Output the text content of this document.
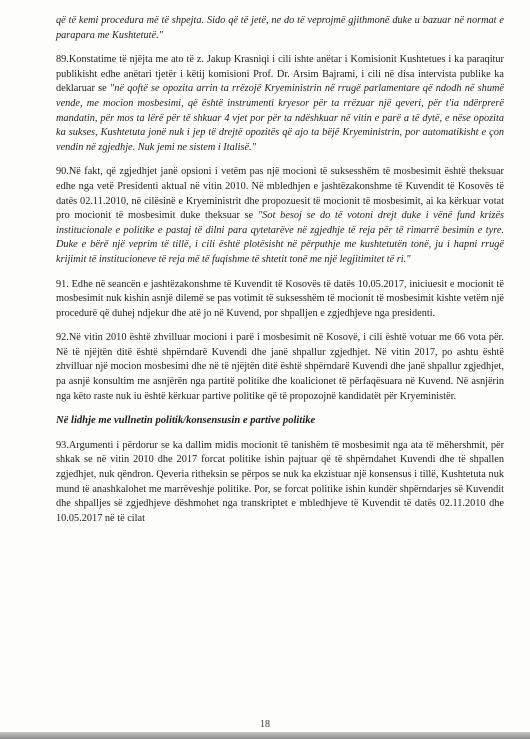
që të kemi procedura më të shpejta. Sido që të jetë, ne do të veprojmë gjithmonë duke u bazuar në normat e parapara me Kushtetutë."

89.Konstatime të njëjta me ato të z. Jakup Krasniqi i cili ishte anëtar i Komisionit Kushtetues i ka paraqitur publikisht edhe anëtari tjetër i këtij komisioni Prof. Dr. Arsim Bajrami, i cili në disa intervista publike ka deklaruar se "në qoftë se opozita arrin ta rrëzojë Kryeministrin në rrugë parlamentare që ndodh në shumë vende, me mocion mosbesimi, që është instrumenti kryesor për ta rrëzuar një qeveri, për t'ia ndërprerë mandatin, për mos ta lërë për të shkuar 4 vjet por për ta ndëshkuar në vitin e parë a të dytë, e nëse opozita ka sukses, Kushtetuta jonë nuk i jep të drejtë opozitës që ajo ta bëjë Kryeministrin, por automatikisht e çon vendin në zgjedhje. Nuk jemi ne sistem i Italisë."

90.Në fakt, që zgjedhjet janë opsioni i vetëm pas një mocioni të suksesshëm të mosbesimit është theksuar edhe nga vetë Presidenti aktual në vitin 2010. Në mbledhjen e jashtëzakonshme të Kuvendit të Kosovës të datës 02.11.2010, në cilësinë e Kryeministrit dhe propozuesit të mocionit të mosbesimit, ai ka kërkuar votat pro mocionit të mosbesimit duke theksuar se "Sot besoj se do të votoni drejt duke i vënë fund krizës institucionale e politike e pastaj të dilni para qytetarëve në zgjedhje të reja për të rimarrë besimin e tyre. Duke e bërë një veprim të tillë, i cili është plotësisht në përputhje me kushtetutën tonë, ju i hapni rrugë krijimit të institucioneve të reja më të fuqishme të shtetit tonë me një legjitimitet të ri."

91. Edhe në seancën e jashtëzakonshme të Kuvendit të Kosovës të datës 10.05.2017, iniciuesit e mocionit të mosbesimit nuk kishin asnjë dilemë se pas votimit të suksesshëm të mocionit të mosbesimit kishte vetëm një procedurë që duhej ndjekur dhe atë jo në Kuvend, por shpalljen e zgjedhjeve nga presidenti.

92.Në vitin 2010 është zhvilluar mocioni i parë i mosbesimit në Kosovë, i cili është votuar me 66 vota për. Në të njëjtën ditë është shpërndarë Kuvendi dhe janë shpallur zgjedhjet. Në vitin 2017, po ashtu është zhvilluar një mocion mosbesimi dhe në të njëjtën ditë është shpërndarë Kuvendi dhe janë shpallur zgjedhjet, pa asnjë konsultim me asnjërën nga partitë politike dhe koalicionet të përfaqësuara në Kuvend. Në asnjërin nga këto raste nuk iu është kërkuar partive politike që të propozojnë kandidatët për Kryeministër.

Në lidhje me vullnetin politik/konsensusin e partive politike

93.Argumenti i përdorur se ka dallim midis mocionit të tanishëm të mosbesimit nga ata të mëhershmit, për shkak se në vitin 2010 dhe 2017 forcat politike ishin pajtuar që të shpërndahet Kuvendi dhe të shpallen zgjedhjet, nuk qëndron. Qeveria ritheksin se përpos se nuk ka ekzistuar një konsensus i tillë, Kushtetuta nuk mund të anashkalohet me marrëveshje politike. Por, se forcat politike ishin kundër shpërndarjes së Kuvendit dhe shpalljes së zgjedhjeve dëshmohet nga transkriptet e mbledhjeve të Kuvendit të datës 02.11.2010 dhe 10.05.2017 në të cilat

18
